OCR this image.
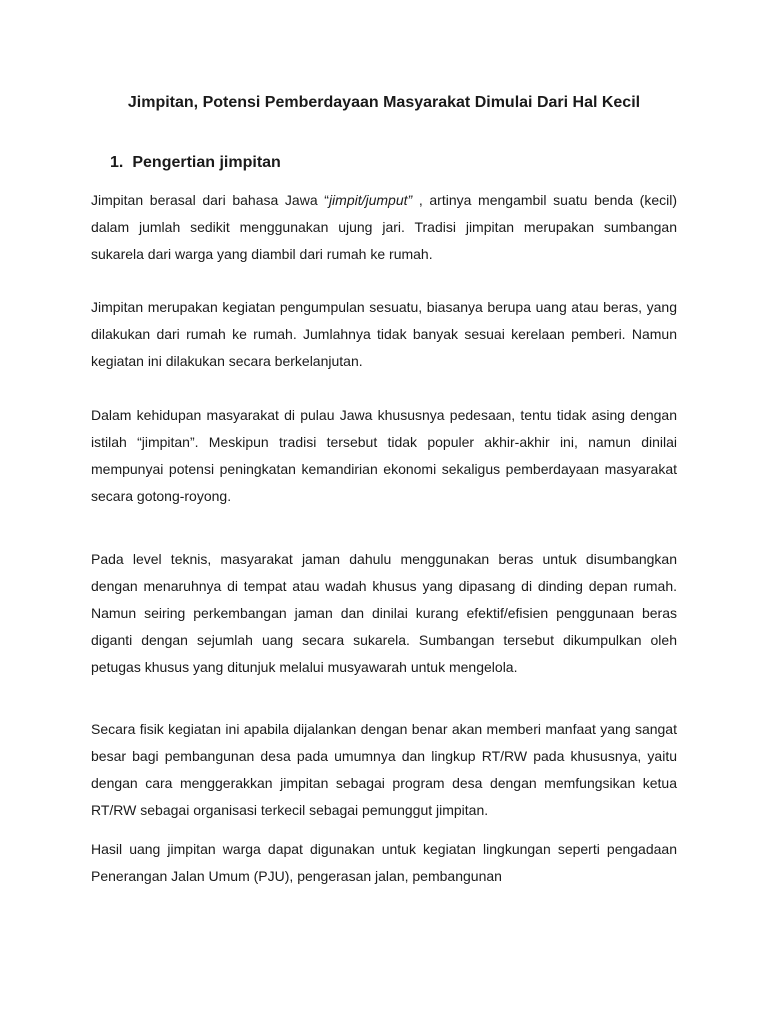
Jimpitan, Potensi Pemberdayaan Masyarakat Dimulai Dari Hal Kecil
1. Pengertian jimpitan

Jimpitan berasal dari bahasa Jawa “jimpit/jumput” , artinya mengambil suatu benda (kecil) dalam jumlah sedikit menggunakan ujung jari. Tradisi jimpitan merupakan sumbangan sukarela dari warga yang diambil dari rumah ke rumah.

Jimpitan merupakan kegiatan pengumpulan sesuatu, biasanya berupa uang atau beras, yang dilakukan dari rumah ke rumah. Jumlahnya tidak banyak sesuai kerelaan pemberi. Namun kegiatan ini dilakukan secara berkelanjutan.

Dalam kehidupan masyarakat di pulau Jawa khususnya pedesaan, tentu tidak asing dengan istilah “jimpitan”. Meskipun tradisi tersebut tidak populer akhir-akhir ini, namun dinilai mempunyai potensi peningkatan kemandirian ekonomi sekaligus pemberdayaan masyarakat secara gotong-royong.

Pada level teknis, masyarakat jaman dahulu menggunakan beras untuk disumbangkan dengan menaruhnya di tempat atau wadah khusus yang dipasang di dinding depan rumah. Namun seiring perkembangan jaman dan dinilai kurang efektif/efisien penggunaan beras diganti dengan sejumlah uang secara sukarela. Sumbangan tersebut dikumpulkan oleh petugas khusus yang ditunjuk melalui musyawarah untuk mengelola.

Secara fisik kegiatan ini apabila dijalankan dengan benar akan memberi manfaat yang sangat besar bagi pembangunan desa pada umumnya dan lingkup RT/RW pada khususnya, yaitu dengan cara menggerakkan jimpitan sebagai program desa dengan memfungsikan ketua RT/RW sebagai organisasi terkecil sebagai pemunggut jimpitan.

Hasil uang jimpitan warga dapat digunakan untuk kegiatan lingkungan seperti pengadaan Penerangan Jalan Umum (PJU), pengerasan jalan, pembangunan
